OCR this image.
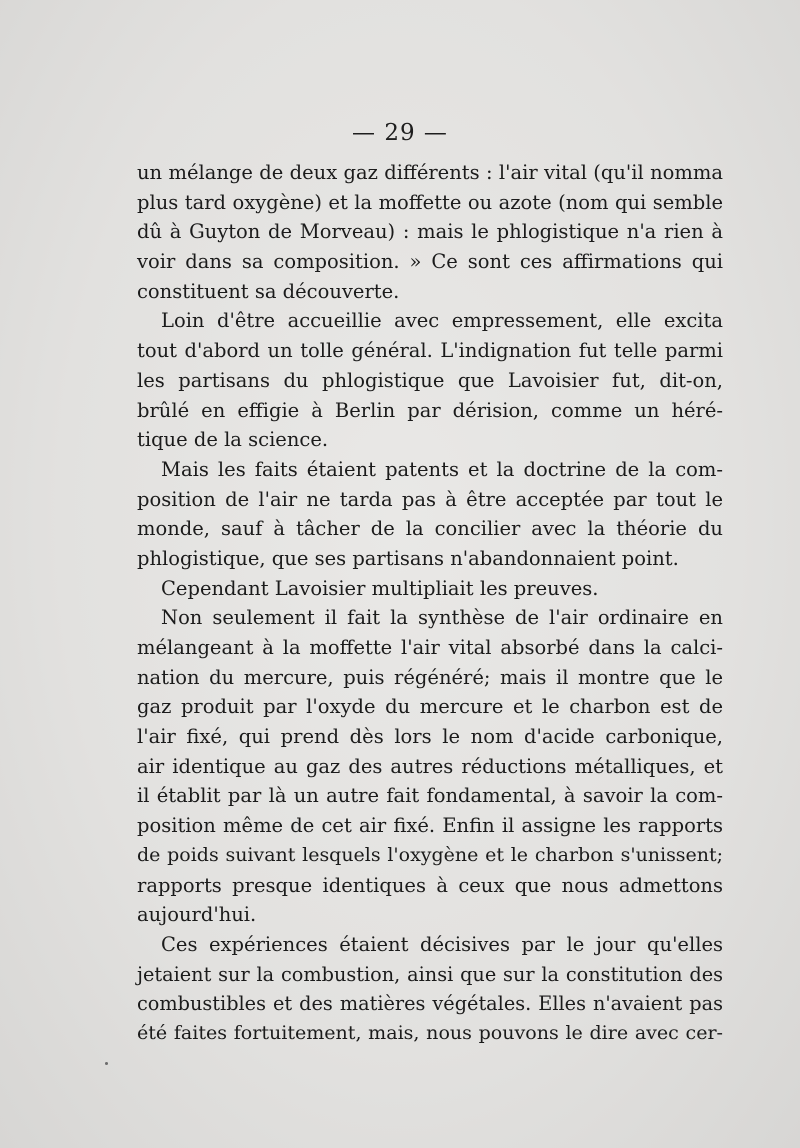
— 29 —
un mélange de deux gaz différents : l'air vital (qu'il nomma
plus tard oxygène) et la moffette ou azote (nom qui semble
dû à Guyton de Morveau) : mais le phlogistique n'a rien à
voir dans sa composition. » Ce sont ces affirmations qui
constituent sa découverte.
Loin d'être accueillie avec empressement, elle excita
tout d'abord un tolle général. L'indignation fut telle parmi
les partisans du phlogistique que Lavoisier fut, dit-on,
brûlé en effigie à Berlin par dérision, comme un héré-
tique de la science.
Mais les faits étaient patents et la doctrine de la com-
position de l'air ne tarda pas à être acceptée par tout le
monde, sauf à tâcher de la concilier avec la théorie du
phlogistique, que ses partisans n'abandonnaient point.
Cependant Lavoisier multipliait les preuves.
Non seulement il fait la synthèse de l'air ordinaire en
mélangeant à la moffette l'air vital absorbé dans la calci-
nation du mercure, puis régénéré; mais il montre que le
gaz produit par l'oxyde du mercure et le charbon est de
l'air fixé, qui prend dès lors le nom d'acide carbonique,
air identique au gaz des autres réductions métalliques, et
il établit par là un autre fait fondamental, à savoir la com-
position même de cet air fixé. Enfin il assigne les rapports
de poids suivant lesquels l'oxygène et le charbon s'unissent;
rapports presque identiques à ceux que nous admettons
aujourd'hui.
Ces expériences étaient décisives par le jour qu'elles
jetaient sur la combustion, ainsi que sur la constitution des
combustibles et des matières végétales. Elles n'avaient pas
été faites fortuitement, mais, nous pouvons le dire avec cer-
